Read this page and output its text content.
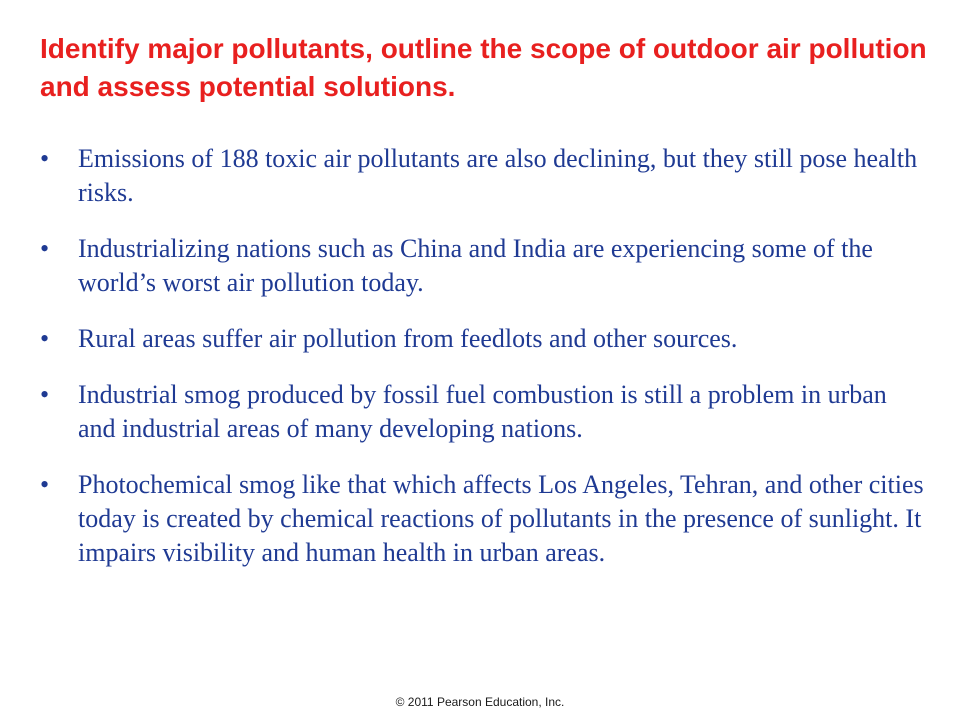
Identify major pollutants, outline the scope of outdoor air pollution and assess potential solutions.
• Emissions of 188 toxic air pollutants are also declining, but they still pose health risks.
• Industrializing nations such as China and India are experiencing some of the world’s worst air pollution today.
• Rural areas suffer air pollution from feedlots and other sources.
• Industrial smog produced by fossil fuel combustion is still a problem in urban and industrial areas of many developing nations.
• Photochemical smog like that which affects Los Angeles, Tehran, and other cities today is created by chemical reactions of pollutants in the presence of sunlight. It impairs visibility and human health in urban areas.
© 2011 Pearson Education, Inc.
